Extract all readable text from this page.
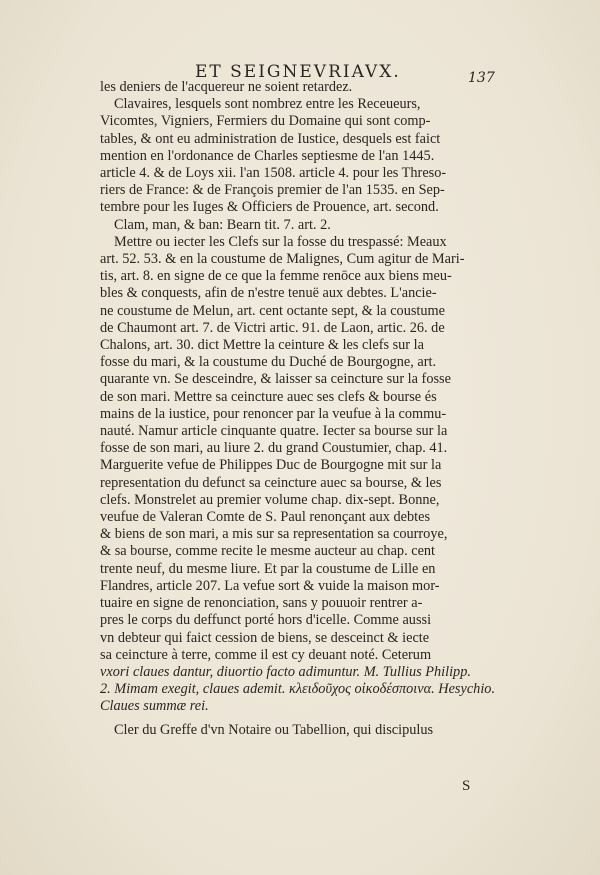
ET SEIGNEVRIAVX.	137
les deniers de l'acquereur ne soient retardez.
Clavaires, lesquels sont nombrez entre les Receueurs,
Vicomtes, Vigniers, Fermiers du Domaine qui sont comp-
tables, & ont eu administration de Iustice, desquels est faict
mention en l'ordonance de Charles septiesme de l'an 1445.
article 4. & de Loys xii. l'an 1508. article 4. pour les Threso-
riers de France: & de François premier de l'an 1535. en Sep-
tembre pour les Iuges & Officiers de Prouence, art. second.
Clam, man, & ban: Bearn tit. 7. art. 2.
Mettre ou iecter les Clefs sur la fosse du trespassé: Meaux
art. 52. 53. & en la coustume de Malignes, Cum agitur de Mari-
tis, art. 8. en signe de ce que la femme renōce aux biens meu-
bles & conquests, afin de n'estre tenuë aux debtes. L'ancie-
ne coustume de Melun, art. cent octante sept, & la coustume
de Chaumont art. 7. de Victri artic. 91. de Laon, artic. 26. de
Chalons, art. 30. dict Mettre la ceinture & les clefs sur la
fosse du mari, & la coustume du Duché de Bourgogne, art.
quarante vn. Se desceindre, & laisser sa ceincture sur la fosse
de son mari. Mettre sa ceincture auec ses clefs & bourse és
mains de la iustice, pour renoncer par la veufue à la commu-
nauté. Namur article cinquante quatre. Iecter sa bourse sur la
fosse de son mari, au liure 2. du grand Coustumier, chap. 41.
Marguerite vefue de Philippes Duc de Bourgogne mit sur la
representation du defunct sa ceincture auec sa bourse, & les
clefs. Monstrelet au premier volume chap. dix-sept. Bonne,
veufue de Valeran Comte de S. Paul renonçant aux debtes
& biens de son mari, a mis sur sa representation sa courroye,
& sa bourse, comme recite le mesme aucteur au chap. cent
trente neuf, du mesme liure. Et par la coustume de Lille en
Flandres, article 207. La vefue sort & vuide la maison mor-
tuaire en signe de renonciation, sans y pouuoir rentrer a-
pres le corps du deffunct porté hors d'icelle. Comme aussi
vn debteur qui faict cession de biens, se desceinct & iecte
sa ceincture à terre, comme il est cy deuant noté. Ceterum
vxori claues dantur, diuortio facto adimuntur. M. Tullius Philipp.
2. Mimam exegit, claues ademit. κλειδοῦχος οἰκοδέσποινα. Hesychio.
Claues summæ rei.
Cler du Greffe d'vn Notaire ou Tabellion, qui discipulus
S
